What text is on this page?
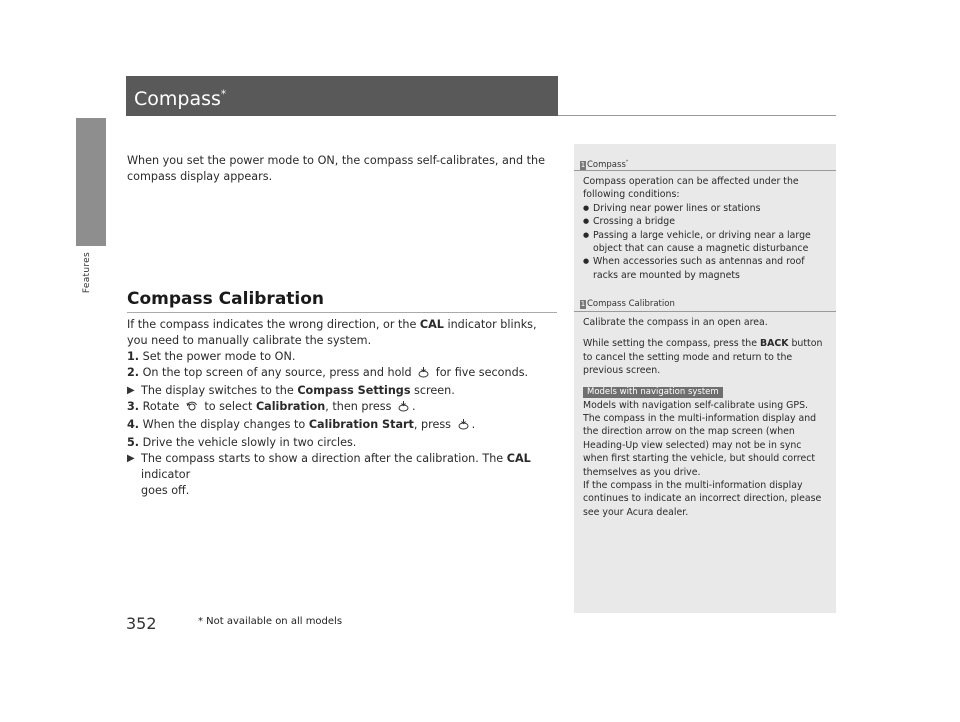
Features
Compass*
When you set the power mode to ON, the compass self-calibrates, and the compass display appears.
Compass Calibration
If the compass indicates the wrong direction, or the CAL indicator blinks, you need to manually calibrate the system.
1. Set the power mode to ON.
2. On the top screen of any source, press and hold  for five seconds.
▶ The display switches to the Compass Settings screen.
3. Rotate  to select Calibration, then press .
4. When the display changes to Calibration Start, press .
5. Drive the vehicle slowly in two circles.
▶ The compass starts to show a direction after the calibration. The CAL indicator
goes off.
1 Compass*
Compass operation can be affected under the following conditions:
● Driving near power lines or stations
● Crossing a bridge
● Passing a large vehicle, or driving near a large object that can cause a magnetic disturbance
● When accessories such as antennas and roof racks are mounted by magnets
1 Compass Calibration
Calibrate the compass in an open area.
While setting the compass, press the BACK button to cancel the setting mode and return to the previous screen.
Models with navigation system
Models with navigation self-calibrate using GPS. The compass in the multi-information display and the direction arrow on the map screen (when Heading-Up view selected) may not be in sync when first starting the vehicle, but should correct themselves as you drive.
If the compass in the multi-information display continues to indicate an incorrect direction, please see your Acura dealer.
352	* Not available on all models
